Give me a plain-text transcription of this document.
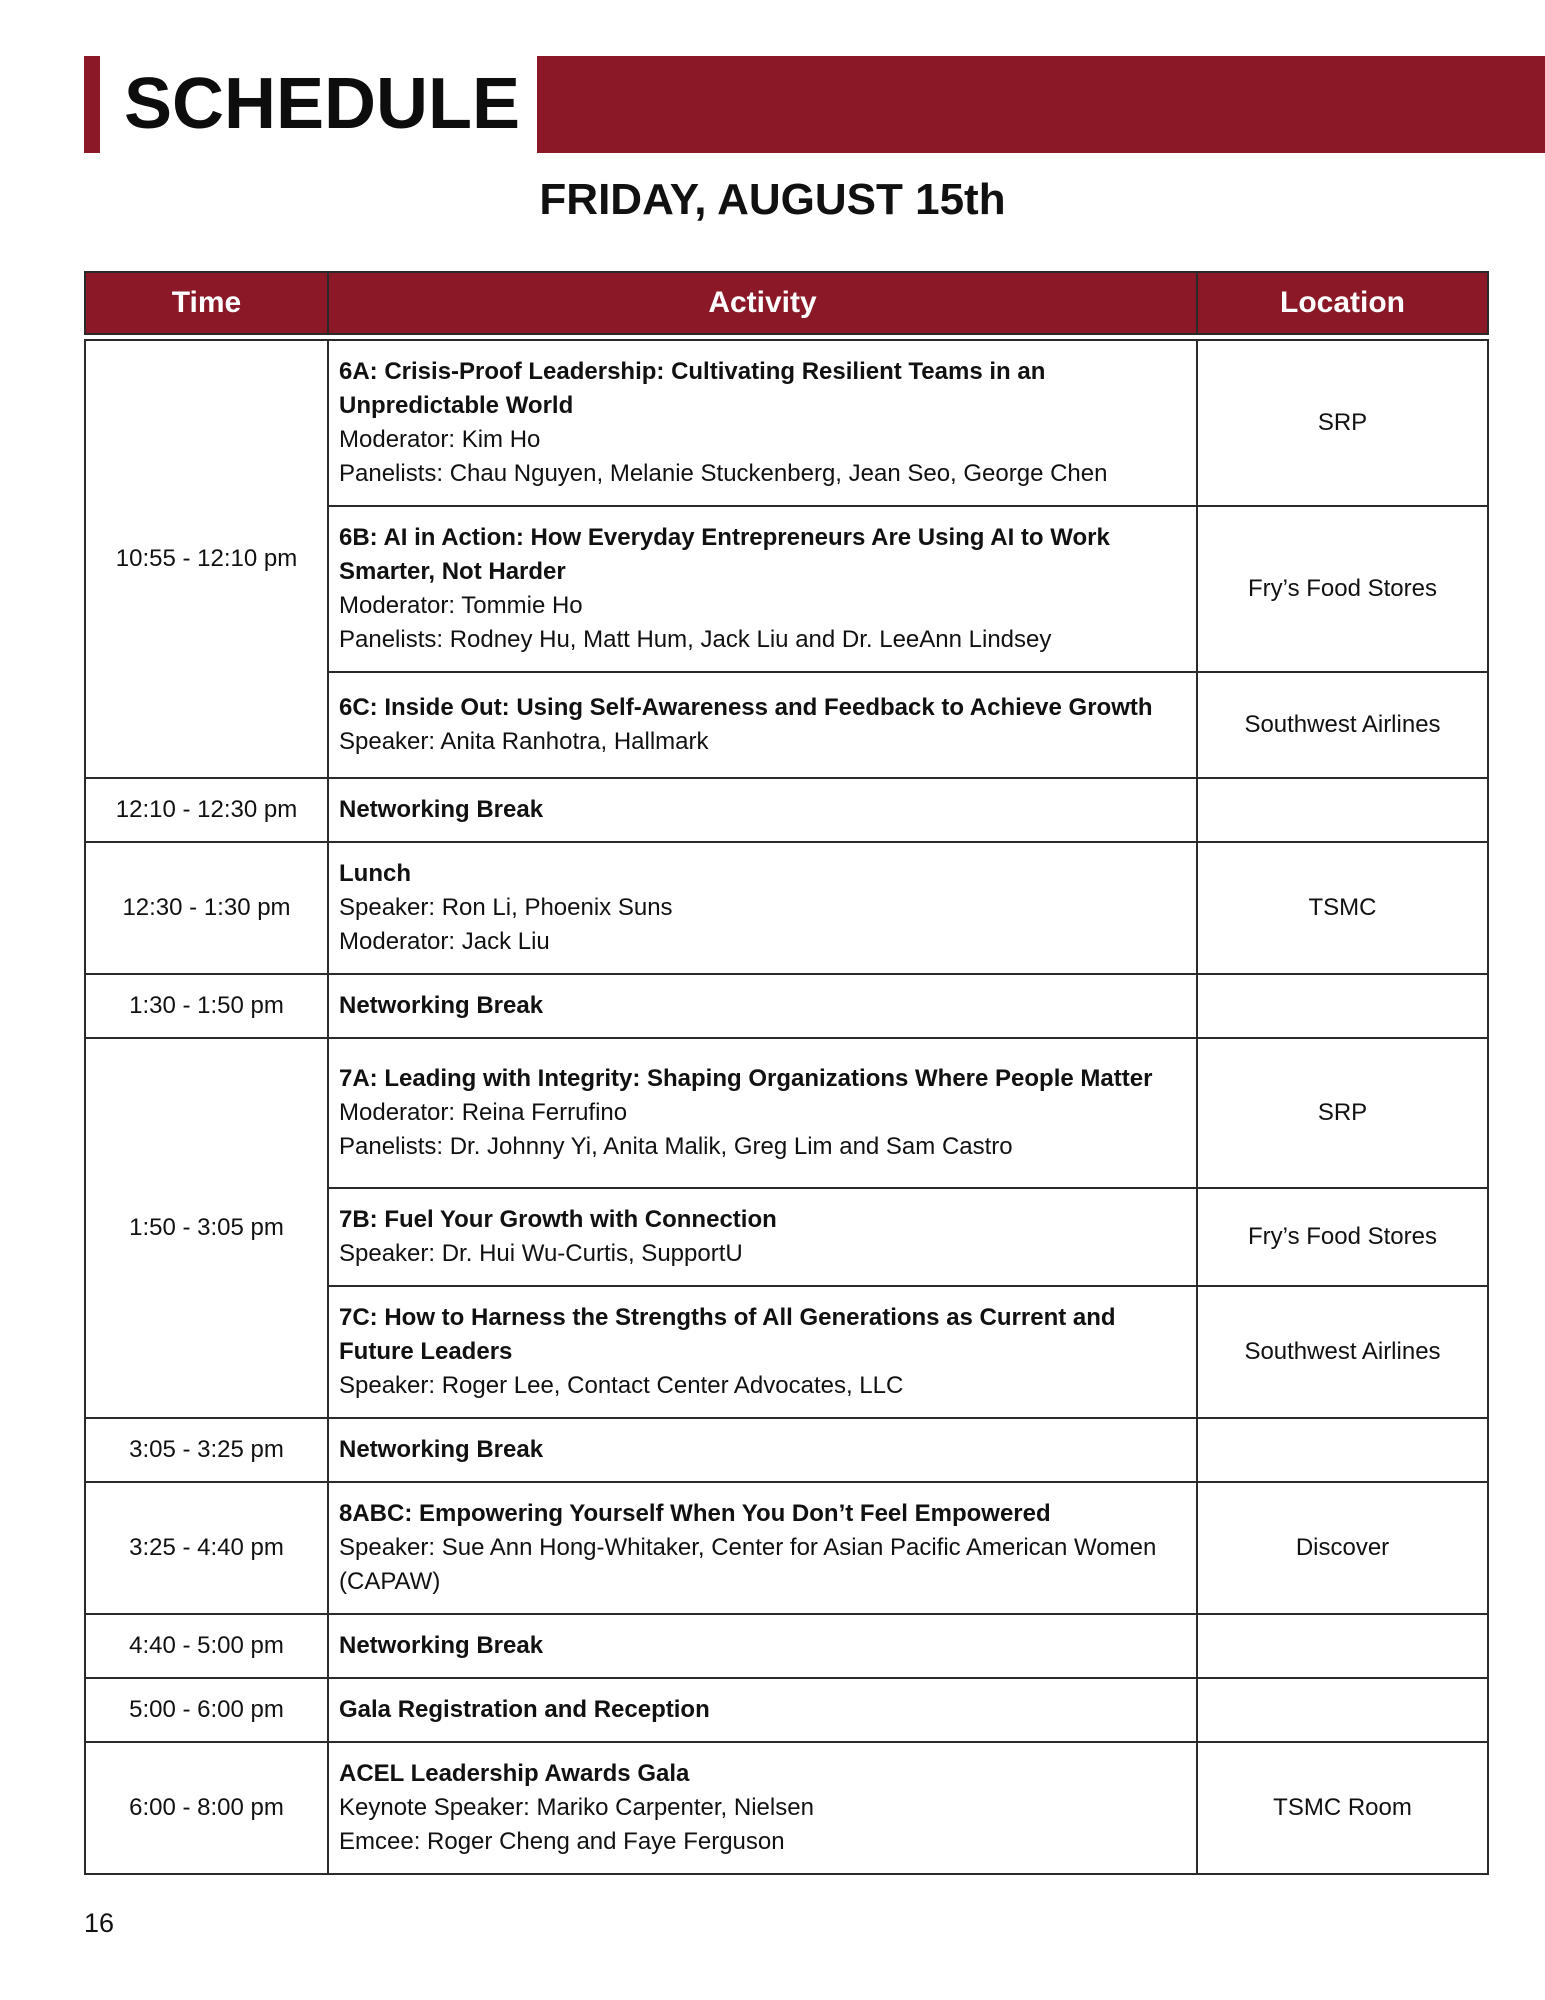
SCHEDULE
FRIDAY, AUGUST 15th
Time	Activity	Location

10:55 - 12:10 pm	6A: Crisis-Proof Leadership: Cultivating Resilient Teams in an Unpredictable World
Moderator: Kim Ho
Panelists: Chau Nguyen, Melanie Stuckenberg, Jean Seo, George Chen	SRP

	6B: AI in Action: How Everyday Entrepreneurs Are Using AI to Work Smarter, Not Harder
Moderator: Tommie Ho
Panelists: Rodney Hu, Matt Hum, Jack Liu and Dr. LeeAnn Lindsey	Fry’s Food Stores

	6C: Inside Out: Using Self-Awareness and Feedback to Achieve Growth
Speaker: Anita Ranhotra, Hallmark	Southwest Airlines
12:10 - 12:30 pm	Networking Break	

12:30 - 1:30 pm	Lunch
Speaker: Ron Li, Phoenix Suns
Moderator: Jack Liu	TSMC
1:30 - 1:50 pm	Networking Break	

1:50 - 3:05 pm	7A: Leading with Integrity: Shaping Organizations Where People Matter
Moderator: Reina Ferrufino
Panelists: Dr. Johnny Yi, Anita Malik, Greg Lim and Sam Castro	SRP

	7B: Fuel Your Growth with Connection
Speaker: Dr. Hui Wu-Curtis, SupportU	Fry’s Food Stores

	7C: How to Harness the Strengths of All Generations as Current and Future Leaders
Speaker: Roger Lee, Contact Center Advocates, LLC	Southwest Airlines
3:05 - 3:25 pm	Networking Break	

3:25 - 4:40 pm	8ABC: Empowering Yourself When You Don’t Feel Empowered
Speaker: Sue Ann Hong-Whitaker, Center for Asian Pacific American Women (CAPAW)	Discover
4:40 - 5:00 pm	Networking Break	

5:00 - 6:00 pm	Gala Registration and Reception	

6:00 - 8:00 pm	ACEL Leadership Awards Gala
Keynote Speaker: Mariko Carpenter, Nielsen
Emcee: Roger Cheng and Faye Ferguson	TSMC Room
16
